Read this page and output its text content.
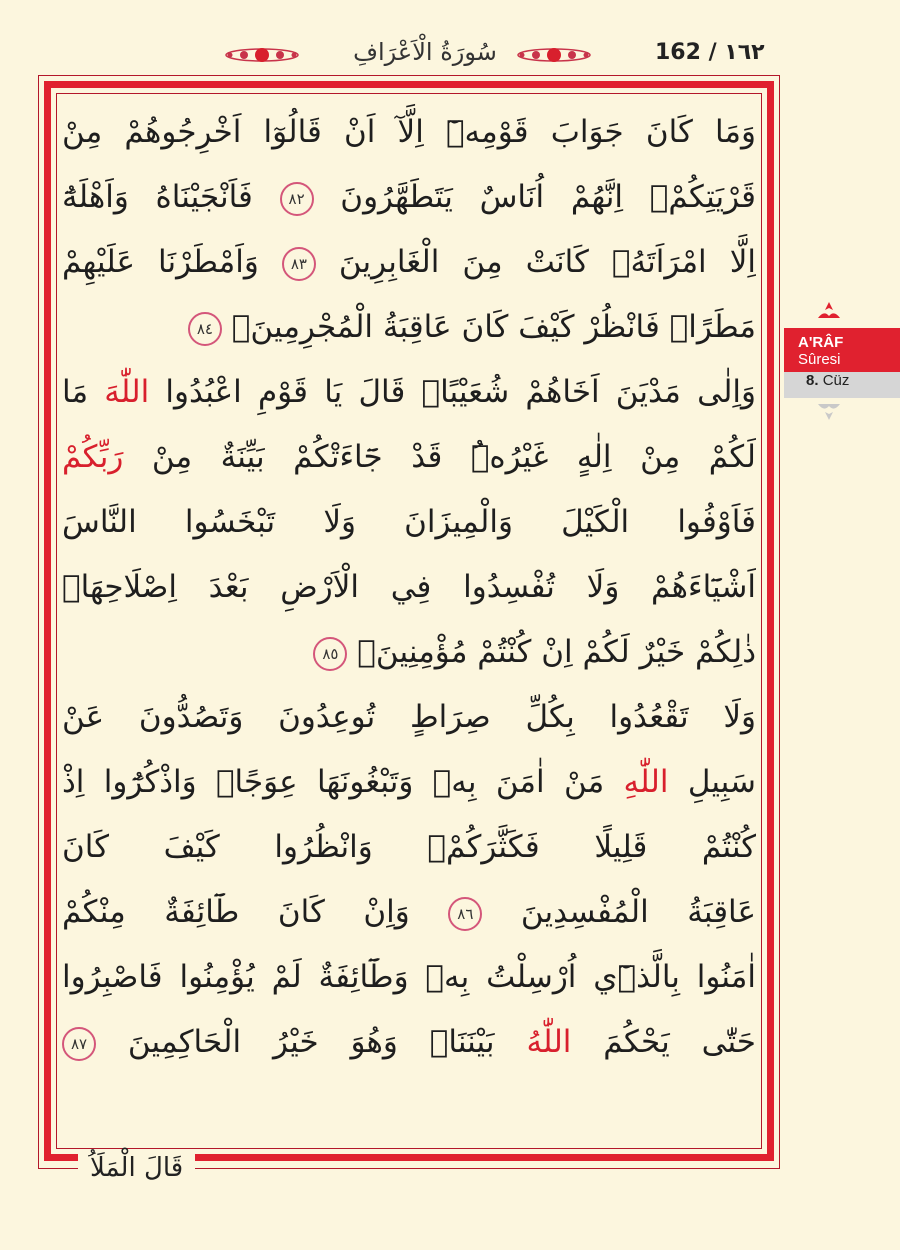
سُورَةُ الْاَعْرَافِ	162 / ١٦٢
وَمَا كَانَ جَوَابَ قَوْمِهٖٓ اِلَّآ اَنْ قَالُوٓا اَخْرِجُوهُمْ مِنْ
قَرْيَتِكُمْۚ اِنَّهُمْ اُنَاسٌ يَتَطَهَّرُونَ ٨٢ فَاَنْجَيْنَاهُ وَاَهْلَهُٓ
اِلَّا امْرَاَتَهُۗ كَانَتْ مِنَ الْغَابِرِينَ ٨٣ وَاَمْطَرْنَا عَلَيْهِمْ
مَطَرًاۜ فَانْظُرْ كَيْفَ كَانَ عَاقِبَةُ الْمُجْرِمِينَ۟ ٨٤
وَاِلٰى مَدْيَنَ اَخَاهُمْ شُعَيْبًاۜ قَالَ يَا قَوْمِ اعْبُدُوا اللّٰهَ مَا
لَكُمْ مِنْ اِلٰهٍ غَيْرُهُۜ قَدْ جَٓاءَتْكُمْ بَيِّنَةٌ مِنْ رَبِّكُمْ
فَاَوْفُوا الْكَيْلَ وَالْمِيزَانَ وَلَا تَبْخَسُوا النَّاسَ
اَشْيَٓاءَهُمْ وَلَا تُفْسِدُوا فِي الْاَرْضِ بَعْدَ اِصْلَاحِهَاۜ
ذٰلِكُمْ خَيْرٌ لَكُمْ اِنْ كُنْتُمْ مُؤْمِنِينَۚ ٨٥
وَلَا تَقْعُدُوا بِكُلِّ صِرَاطٍ تُوعِدُونَ وَتَصُدُّونَ عَنْ
سَبِيلِ اللّٰهِ مَنْ اٰمَنَ بِهٖ وَتَبْغُونَهَا عِوَجًاۚ وَاذْكُرُٓوا اِذْ
كُنْتُمْ قَلِيلًا فَكَثَّرَكُمْۖ وَانْظُرُوا كَيْفَ كَانَ
عَاقِبَةُ الْمُفْسِدِينَ ٨٦ وَاِنْ كَانَ طَٓائِفَةٌ مِنْكُمْ
اٰمَنُوا بِالَّذٖٓي اُرْسِلْتُ بِهٖ وَطَٓائِفَةٌ لَمْ يُؤْمِنُوا فَاصْبِرُوا
حَتّٰى يَحْكُمَ اللّٰهُ بَيْنَنَاۚ وَهُوَ خَيْرُ الْحَاكِمِينَ ٨٧
قَالَ الْمَلَاُ
A'RÂF
Sûresi
8. Cüz
